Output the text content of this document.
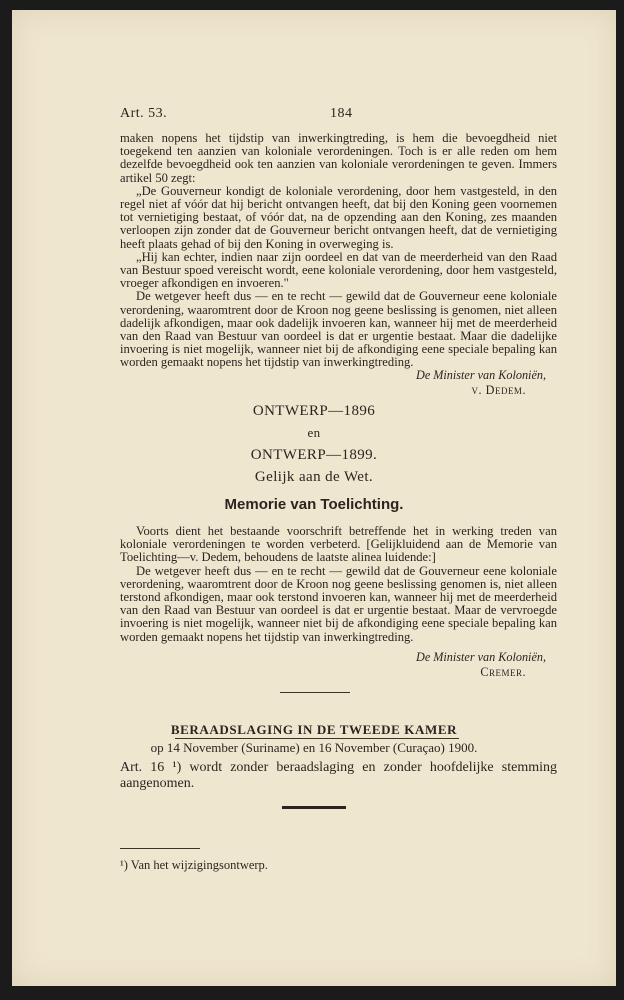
Art. 53.	184

maken nopens het tijdstip van inwerkingtreding, is hem die bevoegdheid niet toegekend ten aanzien van koloniale verordeningen. Toch is er alle reden om hem dezelfde bevoegdheid ook ten aanzien van koloniale verordeningen te geven. Immers artikel 50 zegt:

„De Gouverneur kondigt de koloniale verordening, door hem vastgesteld, in den regel niet af vóór dat hij bericht ontvangen heeft, dat bij den Koning geen voornemen tot vernietiging bestaat, of vóór dat, na de opzending aan den Koning, zes maanden verloopen zijn zonder dat de Gouverneur bericht ontvangen heeft, dat de vernietiging heeft plaats gehad of bij den Koning in overweging is.

„Hij kan echter, indien naar zijn oordeel en dat van de meerderheid van den Raad van Bestuur spoed vereischt wordt, eene koloniale verordening, door hem vastgesteld, vroeger afkondigen en invoeren."

De wetgever heeft dus — en te recht — gewild dat de Gouverneur eene koloniale verordening, waaromtrent door de Kroon nog geene beslissing is genomen, niet alleen dadelijk afkondigen, maar ook dadelijk invoeren kan, wanneer hij met de meerderheid van den Raad van Bestuur van oordeel is dat er urgentie bestaat. Maar die dadelijke invoering is niet mogelijk, wanneer niet bij de afkondiging eene speciale bepaling kan worden gemaakt nopens het tijdstip van inwerkingtreding.

De Minister van Koloniën,
v. Dedem.
ONTWERP—1896
en
ONTWERP—1899.
Gelijk aan de Wet.
Memorie van Toelichting.

Voorts dient het bestaande voorschrift betreffende het in werking treden van koloniale verordeningen te worden verbeterd. [Gelijkluidend aan de Memorie van Toelichting—v. Dedem, behoudens de laatste alinea luidende:]

De wetgever heeft dus — en te recht — gewild dat de Gouverneur eene koloniale verordening, waaromtrent door de Kroon nog geene beslissing genomen is, niet alleen terstond afkondigen, maar ook terstond invoeren kan, wanneer hij met de meerderheid van den Raad van Bestuur van oordeel is dat er urgentie bestaat. Maar de vervroegde invoering is niet mogelijk, wanneer niet bij de afkondiging eene speciale bepaling kan worden gemaakt nopens het tijdstip van inwerkingtreding.

De Minister van Koloniën,
Cremer.
BERAADSLAGING IN DE TWEEDE KAMER
op 14 November (Suriname) en 16 November (Curaçao) 1900.
Art. 16 ¹) wordt zonder beraadslaging en zonder hoofdelijke stemming aangenomen.
¹) Van het wijzigingsontwerp.
